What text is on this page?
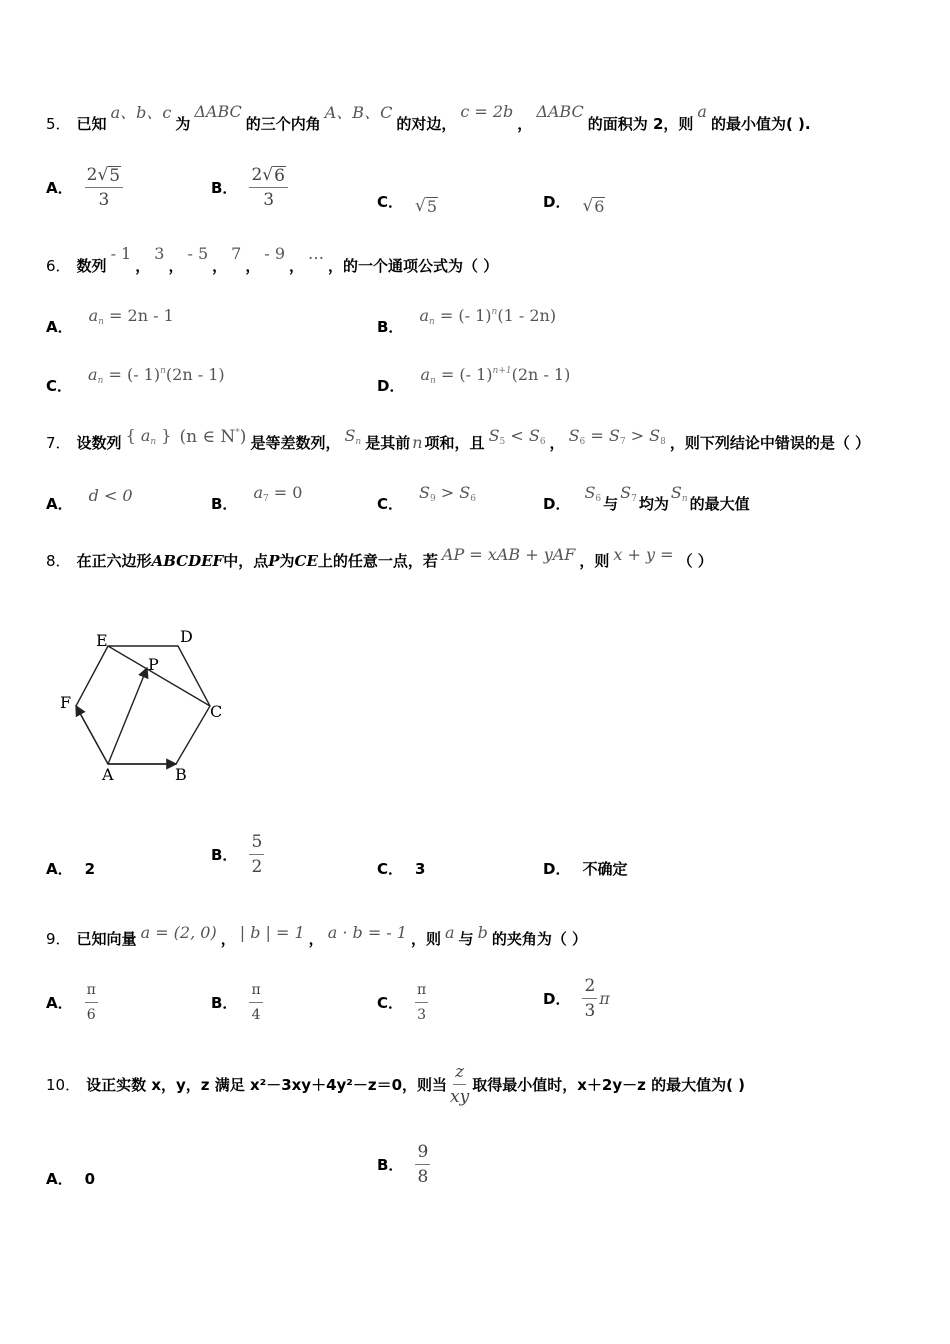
5． 已知
a、b、c
为
ΔABC
的三个内角
A、B、C
的对边，
c = 2b
，
ΔABC
的面积为 2，则
a
的最小值为( ).
A． $\frac{2 √ 5}{3}$	B． $\frac{2 √ 6}{3}$	C． √ 5	D． √ 6
6． 数列
- 1
，
3
，
- 5
，
7
，
- 9
，
…
，的一个通项公式为（ ）
A．
$a_n = 2n - 1$
B．
$a_n$ = (- 1)$^n$(1 - 2n)
C．
$a_n$ = (- 1)$^n$(2n - 1)
D．
$a_n$ = (- 1)$^{n+1}$(2n - 1)
7． 设数列 { $a_n$ } (n ∈ N*) 是等差数列， $S_n$ 是其前 n 项和，且 $S_5 < S_6$ ， $S_6 = S_7 > S_8$ ，则下列结论中错误的是（ ）
A． d < 0	B．
$a_7 = 0$
C．
$S_9 > S_6$	D．
$S_6$ 与
$S_7$ 均为
$S_n$ 的最大值
8． 在正六边形 ABCDEF 中，点 P 为 CE 上的任意一点，若 AP = xAB + yAF ，则 x + y = （ ）
E	D
P
F	C
A	B
A． 2
B． $\frac{5}{2}$	C． 3	D． 不确定
9． 已知向量 a = (2, 0) ， | b | = 1 ， a · b = - 1 ，则 a 与 b 的夹角为（ ）
A． $\frac{\pi}{6}$	B． $\frac{\pi}{4}$	C． $\frac{\pi}{3}$	D． $\frac{2}{3}$ π
10． 设正实数 x，y，z 满足 x²－3xy＋4y²－z＝0，则当 $\frac{z}{xy}$ 取得最小值时，x＋2y－z 的最大值为( )
A． 0
B． $\frac{9}{8}$
